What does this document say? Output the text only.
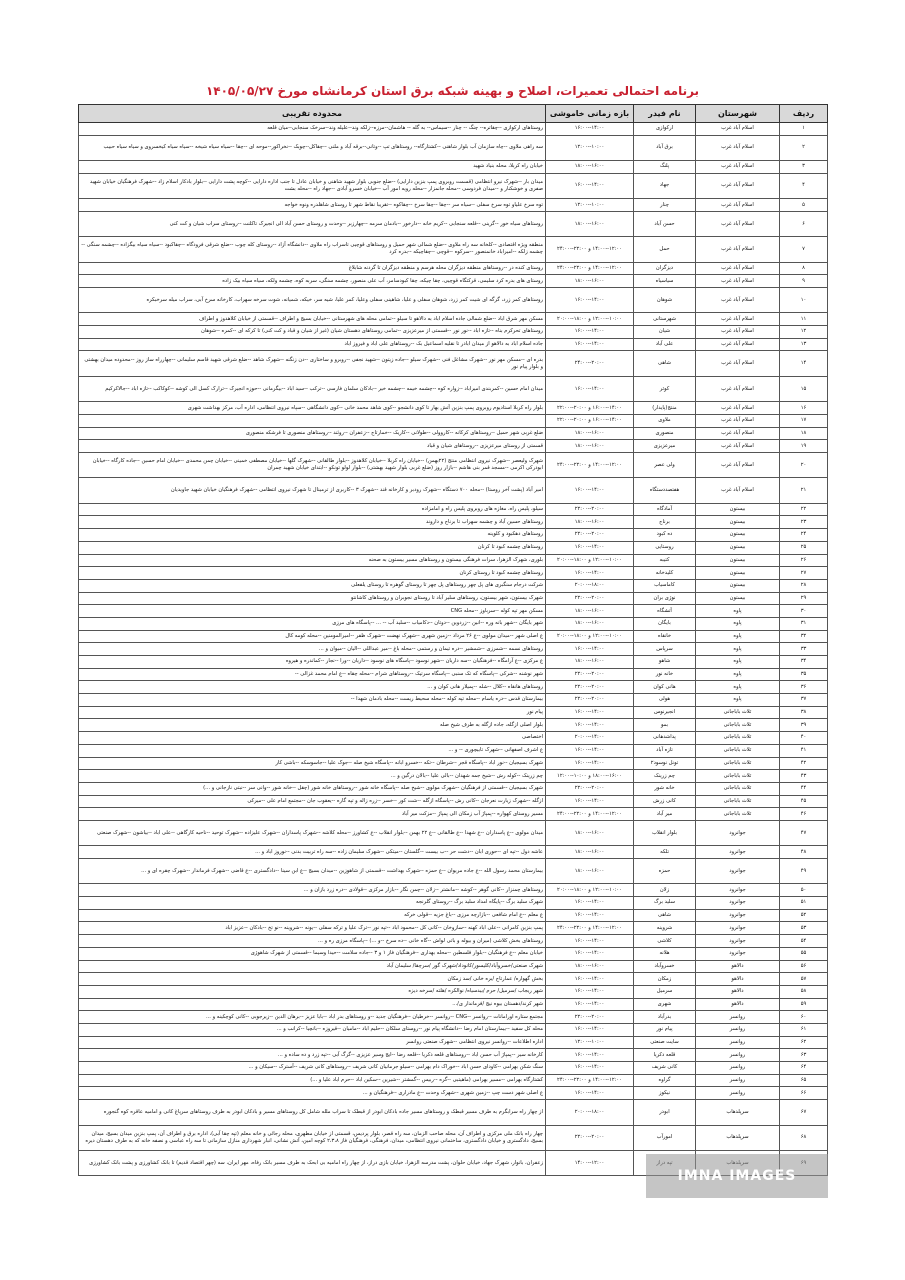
برنامه احتمالی تعمیرات، اصلاح و بهینه شبکه برق استان کرمانشاه مورخ ۱۴۰۵/۰۵/۲۷
ردیف	شهرستان	نام فیدر	بازه زمانی خاموشی	محدوده تقریبی
۱	اسلام آباد غرب	ارکوازی	۱۴:۰۰--۱۶:۰۰	روستاهای ارکوازی --چقاتره-- چنگ -- چنار --سیماس-- به گله -- هاشمان--مرزه--زلکه وند--علیله وند--سرخک سنجابی--میان قلعه
۲	اسلام آباد غرب	برق آباد	۱۰:۰۰--۱۲:۰۰	سه راهی ملاوی --چاه سازمان آب بلوار شاهنی --کشتارگاه-- روستاهای تپ --وتانی--برقه آباد و ملنی --چقاکل--چوبک --نخراکور--موحه ای --چقا --سیاه سیاه شیخه --سیاه سیاه کیخسروی و سیاه سیاه حبیب
۳	اسلام آباد غرب	پلنگ	۱۶:۰۰--۱۸:۰۰	خیابان راه کربلا، محله بنیاد شهید
۴	اسلام آباد غرب	جهاد	۱۴:۰۰--۱۶:۰۰	میدان بار --شهرک نیرو انتظامی (قسمت روبروی پمپ بنزین دارایی) --ضلع جنوبی بلوار شهید شاهنی و خیابان عادل تا جنب اداره دارایی --کوچه پشت دارایی --بلوار بادکار اسلام زاد --شهرک فرهنگیان خیابان شهید صفری و خوشکنار و --میدان فردوسی --محله جانمزار --محله رویه امور آب --خیابان خسرو آبادی --جهاد راه --محله بشت
۵	اسلام آباد غرب	چنار	۱۰:۰۰--۱۲:۰۰	توه سرخ علیاو توه سرخ سفلی --سیاه سر --چقا --چقا سرخ --چقاکوه --تقریبا نقاط شهر تا روستای شاهلدره ونوه خواجه
۶	اسلام آباد غرب	حسن آباد	۱۶:۰۰--۱۸:۰۰	روستاهای سیاه خور --گرینی --قلعه سنجابی --کریم خانه --دارخور --بادمان سرمه --چهارزبر --وحدت و روستای حسن آباد الی انجیرک تاکلنت --روستای سراب شیان و کت کنی
۷	اسلام آباد غرب	حمل	۱۲:۰۰--۱۴:۰۰ و ۲۲:۰۰--۲۴:۰۰	منطقه ویژه اقتصادی --کلخانه سه راه ملاوی --ضلع شمالی شهر حمیل و روستاهای قوچیی تاسراب راه ملاوی --دانشگاه آزاد --روستای کله چوب --ضلع شرقی فرودگاه --چقاکبود --سیاه سیاه بیگزاده --چشمه سنگی --چشمه زلکه --امیراباد خانمنصور --سرکوه --قوچی --چقاچیکه --بدره کرد
۸	اسلام آباد غرب	دیزگران	۱۲:۰۰--۱۴:۰۰ و ۲۲:۰۰--۲۴:۰۰	روستای کنده در --روستاهای منطقه دیزگران محله هرسم و منطقه دیزگران تا گردنه شابلاغ
۹	اسلام آباد غرب	سیاسیاه	۱۶:۰۰--۱۸:۰۰	روستای های بدره کرد سلیمی، قرکتگاه قوچیی، چقا چیکه، چقا کبودسامر، آب علی منصور، چشمه سنگی، سربه کوه، چشمه ولکه، سیاه سیاه بیک زاده
۱۰	اسلام آباد غرب	شوهان	۱۴:۰۰--۱۶:۰۰	روستاهای کمر زرد، گرگه ای شیت کمر زرد، شوهان سفلی و علیا، شاهینی سفلی وعلیا، کمر علیا، شیه سر، خیکه، شمیانه، شوت سرخه سهراب، کارخانه سرخ آبی، سراب میله سرخبکره
۱۱	اسلام آباد غرب	شهرستانی	۱۰:۰۰--۱۲:۰۰ و ۱۸:۰۰--۲۰:۰۰	مسکن مهر شرق اباد --ضلع شمالی جاده اسلام اباد به دالاهو تا سیلو --تمامی محله های شهرستانی --خیابان بسیج و اطراف --قسمتی از خیابان کلاهدوز و اطراف
۱۲	اسلام آباد غرب	شیان	۱۴:۰۰--۱۶:۰۰	روستاهای تحرکرم بناه --تازه اباد --نور نور --قسمتی از میرعزیزی --تمامی روستاهای دهستان شیان (غیر از شیان و قباد و کت کنی) تا کرکه ای --کمره --شوهان
۱۳	اسلام آباد غرب	علی آباد	۱۴:۰۰--۱۶:۰۰	جاده اسلام اباد به دالاهو از میدان اباذر تا نقلیه اسماعیل بک --روستاهای علی اباد و فیروز اباد
۱۴	اسلام آباد غرب	شاهی	۲۰:۰۰--۲۴:۰۰	بدره ای --مسکن مهر نور --شهرک مشاغل فنی --شهرک سیلو --جاده زیتون --شهید نجفی --روبرو و ساختاری --دن زنگنه --شهرک شاهد --ضلع شرقی شهید قاسم سلیمانی --چهارراه ساز روز --محدوده میدان بهشتی و بلوار پیام نور
۱۵	اسلام آباد غرب	کوثر	۱۴:۰۰--۱۶:۰۰	میدان امام حسین --کمربندی امیراباد --زواره کوه --چشمه خیمه --چشمه خیر --بادکان سلمان فارسی --ترکب --سید اباذ --بیگرمانی --حوزه انجیرک --ترارک کسل الی کوشه --کوکاکب --تازه اباد --جالاکرکیم
۱۶	اسلام آباد غرب	منتج(پایدار)	۱۴:۰۰--۱۶:۰۰ و ۲۰:۰۰--۲۲:۰۰	بلوار راه کربلا استادیوم روبروی پمپ بنزین آتش بهار تا کوی دانشجو --کوی شاهد محمد خانی --کوی دانشگاهی --سپاه نیروی انتظامی، اداره آب، مرکز بهداشت شهری
۱۷	اسلام آباد غرب	ملاوی	۱۴:۰۰--۱۶:۰۰ و ۲۰:۰۰--۲۲:۰۰	
۱۸	اسلام آباد غرب	منصوری	۱۶:۰۰--۱۸:۰۰	ضلع غربی شهر حمیل --روستاهای کرکانه --کاروولی --طولانی --کاریک --خمارتاج --زعفران --روئند --روستاهای منصوری تا فرشکه منصوری
۱۹	اسلام آباد غرب	میرعزیزی	۱۶:۰۰--۱۸:۰۰	قسمتی از روستای میرعزیزی --روستاهای شیان و قباد
۲۰	اسلام آباد غرب	ولی عصر	۱۲:۰۰--۱۴:۰۰ و ۲۲:۰۰--۲۴:۰۰	شهرک ولیعصر --شهرک نیروی انتظامی منتج (۲۲بهمن) --خیابان راه کربلا --خیابان کلاهدوز --بلوار طالقانی --شهرک گلها --خیابان مصطفی خمینی --خیابان چمن محمدی --خیابان امام حسین --جاده کارگاه --خیابان ابوذرکی اکرمی --مسجد قمر بنی هاشم --بازار روز (ضلع غربی بلوار شهید بهشتی) --بلوار لولو تونکو --ابتدای خیابان شهید چمران
۲۱	اسلام آباد غرب	هفتصددستگاه	۱۴:۰۰--۱۶:۰۰	امیر آباد (پشت آخر روستا) --محله ۷۰۰ دستگاه --شهرک رودبر و کارخانه قند --شهرک ۳ --کاربری از ترمینال تا شهرک نیروی انتظامی --شهرک فرهنگیان خیابان شهید جاویدیان
۲۲	بیستون	آمادگاه	۲۰:۰۰--۲۲:۰۰	سیلو، پلیس راه، مغازه های روبروی پلیس راه و امامزاده
۲۳	بیستون	برناج	۱۶:۰۰--۱۸:۰۰	روستاهای حسین آباد و چشمه سهراب تا برناج و داروند
۲۴	بیستون	ده کبود	۲۰:۰۰--۲۲:۰۰	روستاهای دهکبود و کلوینه
۲۵	بیستون	روستایی	۱۴:۰۰--۱۶:۰۰	روستاهای چشمه کبود تا کرنان
۲۶	بیستون	کتیبه	۱۰:۰۰--۱۲:۰۰ و ۱۸:۰۰--۲۰:۰۰	بلوری، شهرک الزهرا، سرات فرهنگی بیستون و روستاهای مسیر بیستون به صحنه
۲۷	بیستون	کلیدخانه	۱۴:۰۰--۱۶:۰۰	روستاهای چشمه کبود تا روستای کرنان
۲۸	بیستون	کاماسیاب	۱۸:۰۰--۲۰:۰۰	شرکت درجام سنگبری های پل چهر روستاهای پل چهر تا روستای گوهره تا روستای یلفعلی
۲۹	بیستون	نوژی بران	۲۰:۰۰--۲۲:۰۰	شهرک بیستون، شهر بیستون، روستاهای سلیر آباد تا روستای نجوبران و روستاهای کاشانتو
۳۰	پاوه	آتشگاه	۱۶:۰۰--۱۸:۰۰	مسکن مهر تپه کوله --سرباوز --محله CNG
۳۱	پاوه	بایگان	۱۶:۰۰--۱۸:۰۰	شهر بایگان --شهر بانه وره --انین --زردوین --دوتان --دکامیاب --سلید آب -- ... --پاسگاه های مرزی
۳۲	پاوه	خانقاه	۱۰:۰۰--۱۲:۰۰ و ۱۸:۰۰--۲۰:۰۰	ع اصلی شهر --میدان مولوی --ع ۲۶ مرداد --زمین شهری --شهرک نهضت --شهرک ظفر --امیرالمومنین --محله کومه کال
۳۳	پاوه	سرپاس	۱۴:۰۰--۱۶:۰۰	روستاهای نسمه --شمرزی --شمشیر --دره تیمان و رستمی --محله باغ --میر عبداللی --الیان --میوان و ...
۳۴	پاوه	شاهو	۱۶:۰۰--۱۸:۰۰	ع مرکزی --ع آرامگاه --فرهنگیان --سه داریان --شهر نوسود --پاسگاه های نوسود --داریان --ورا --نجار --کماندره و هیروه
۳۵	پاوه	خانه نور	۲۰:۰۰--۲۲:۰۰	شهر نوشنه --شرکی --پاسگاه که تک سنبی --پاسگاه سرتیک --روستاهای شرام --محله چقاه --ع امام محمد غزالی --
۳۶	پاوه	هانی کوان	۲۰:۰۰--۲۲:۰۰	روستاهای هانقاه --کلال --شله --پمیلار هانی کوان و ...
۳۷	پاوه	هولی	۲۰:۰۰--۲۲:۰۰	بیمارستان قدس --دره یاسام --محله تپه کوله --محله سحیط ریست --محله بادمان شهدا --
۳۸	ثلاث باباجانی	انجیرنوس	۱۴:۰۰--۱۶:۰۰	پیام نور
۳۹	ثلاث باباجانی	بمو	۱۴:۰۰--۱۶:۰۰	بلوار اصلی ازگله، جاده ازگله به طرف شیخ صله
۴۰	ثلاث باباجانی	پداشدهانی	۱۴:۰۰--۲۰:۰۰	اختصاصی
۴۱	ثلاث باباجانی	تازه آباد	۱۴:۰۰--۱۶:۰۰	ع اشرف اصفهانی --شهرک تابیچوری -- و ...
۴۲	ثلاث باباجانی	تونل نوسود۲	۱۴:۰۰--۱۶:۰۰	شهرک بسیجیان --نور اباد --پاسگاه قجر --شرطان --تکه --خسرو ابانه --پاسگاه شیخ صله --جوک علیا --جاسوسکه --باشی کار
۴۳	ثلاث باباجانی	چم زرینک	۱۶:۰۰--۱۸:۰۰ و ۱۰:۰۰--۱۲:۰۰	چم زرینک --کوله رش --شیخ جمه شهدان --بالی علیا --بالان درگین و ...
۴۴	ثلاث باباجانی	خانه شور	۲۰:۰۰--۲۲:۰۰	شهرک بسیجیان --قسمتی از فرهنگیان --شهرک مولوی --شیخ صله --پاسگاه خانه شور --روستاهای خانه شور (چقل --خانه شور --وانی سر --نبتی نازجانی و ...)
۴۵	ثلاث باباجانی	کانی زرش	۱۴:۰۰--۱۶:۰۰	ازگله --شهرک زیارت نعرجان --کانی رش --پاسگاه ازگله --شت کور --خسر --زره زاله و تپه گاره --یعقوب جان --مجتمع امام علی --میرکی
۴۶	ثلاث باباجانی	میر آباد	۱۲:۰۰--۱۴:۰۰ و ۲۲:۰۰--۲۴:۰۰	مسیر روستای کهواره --پمپاژ آب زمکان الی پمپاژ --مزکت میر آباد
۴۷	جوانرود	بلوار انقلاب	۱۶:۰۰--۱۸:۰۰	میدان مولوی --ع پاسداران --ع شهدا --ع طالقانی --ع ۲۲ بهمن --بلوار انقلاب --ع کشاورز --محله کلاشه --شهرک پاسداران --شهرک علیزاده --شهرک توحید --ناحیه کارگاهی --علی اباد --بیاشون --شهرک صنعتی
۴۸	جوانرود	تلکه	۱۶:۰۰--۱۸:۰۰	عاشه دول --تپه ای --حوری ابان --دشت حر --ب بیست --گلستان --میتکی --شهرک سلیمان زاده --سه راه تربیت بدنی --نوروز اباد و ...
۴۹	جوانرود	حمزه	۱۶:۰۰--۱۸:۰۰	بیمارستان محمد رسول الله --ع جاده مریوان --ع حمزه --شهرک بهداشت --قسمتی از شاهوزین --میدان بسیج --ع ابن سینا --دادگستری --ع قاضی --شهرک فرماندار --شهرک چقره ای و ...
۵۰	جوانرود	زلان	۱۰:۰۰--۱۲:۰۰ و ۱۸:۰۰--۲۰:۰۰	روستاهای چمنزار --کانی گوهر --کوشه --مانشتر --زلان --چمن نگار --بازار مرکزی --قولادی --دره زرد بازان و ...
۵۱	جوانرود	سلید برگ	۱۴:۰۰--۱۶:۰۰	شهرک سلید برگ --پایگاه امداد سلید برگ --روستای گلرنجه
۵۲	جوانرود	شاهی	۱۴:۰۰--۱۶:۰۰	ع معلم --ع امام شافعی --بازارچه مرزی --باغ جزیه --قولی خرکه
۵۳	جوانرود	شروینه	۱۲:۰۰--۱۴:۰۰ و ۲۲:۰۰--۲۴:۰۰	پمپ بنزین کامرانی --علی اباد کهنه --سازوخان --کانی کل --محمود اباد --تپه نور --ترک علیا و ترکه سفلی --یونه --شروینه --نو تخ --بادکان --عزیز اباد
۵۴	جوانرود	کلاشی	۱۴:۰۰--۱۶:۰۰	روستاهای بخش کلاشی (میران و بیوله و باتی لواش --گاه خانی --ده سرخ --و ...) --پاسگاه مرزی ره و ...
۵۵	جوانرود	هلانه	۱۴:۰۰--۱۶:۰۰	خیابان معلم --ع فرهنگیان --بلوار فلسطین --محله بهداری --فرهنگیان فاز ۱ و ۳ --جاده سلامت --حیدا وسیما --قسمتی از شهرک شاهوژی
۵۶	دالاهو	خسروآباد	۱۶:۰۰--۱۸:۰۰	شهرک صنعتی/خسروآباد/کلیسور/کانوداد/شهرک گور /سرچقا/ سلیمان آباد
۵۷	دالاهو	زمکان	۱۴:۰۰--۱۶:۰۰	بخش گهواره/ عمارتاج /بره خانی /سد زمکان
۵۸	دالاهو	سرمیل	۱۴:۰۰--۱۶:۰۰	شهر ریجاب /سرمیل/ حرم /بیدسیاه/ نوالکره /هلته /سرخه دیزه
۵۹	دالاهو	شهری	۱۴:۰۰--۱۶:۰۰	شهر کرند/دهستان بیوه نیج /فرماندار ی/...
۶۰	روانسر	بدرآباد	۲۰:۰۰--۲۲:۰۰	مجتمع ستاره اورامانات --روانسر --CNG --روانسر --خرطیان --فرهنگیان جدید --و روستاهای بدر اباد --بابا عزیز --برهان الدین --زیرجوبی --کانی کوچکینه و ...
۶۱	روانسر	پیام نور	۱۴:۰۰--۱۶:۰۰	محله کل سفید --بیمارستان امام رضا --دانشگاه پیام نور --روستای سلکان --حلیم اباد --مامیان --قیروزه --بانچیا --کرانب و ...
۶۲	روانسر	سایت صنعتی	۱۰:۰۰--۱۲:۰۰	اداره اطلاعات --روانسر نیروی انتظامی --شهرک صنعتی روانسر
۶۳	روانسر	قلعه ذکریا	۱۴:۰۰--۱۶:۰۰	کارخانه سیر --پمپاژ آب حسن اباد --روستاهای قلعه ذکریا --قلعه رضا --ایج وسیر عزیزی --گرگ آبی --تپه زرد و ده ساده و ...
۶۴	روانسر	کانی شریف	۱۴:۰۰--۱۶:۰۰	سنگ شکن بهرامی --کاودای حسن اباد --خوراک دام بهرامی --سیلو جرمانیان کانی شریف --روستاهای کانی شریف --آسترک --سیکان و ...
۶۵	روانسر	گراوه	۱۲:۰۰--۱۴:۰۰ و ۲۲:۰۰--۲۴:۰۰	کشتارگاه بهرامی --مسیر بهرامی (ماهیتبی --گره --ربیس --گمشتر --شیرین --سکین اباد --حرم اباد علیا و ...)
۶۶	روانسر	نیکوز	۱۴:۰۰--۱۶:۰۰	ع اصلی شهر دست چپ --زمین شهری --شهرک وحدت --ع مادراری --فرهنگیان و ...
۶۷	سرپلذهاب	ابوذر	۱۸:۰۰--۲۰:۰۰	از چهار راه سرابگرم به طرف مسیر قبطک و روستاهای مسیر جاده بادکان ابوذر از قبطک تا سراب ملله شامل کل روستاهای مسیر و بادکان ابوذر به طرف روستاهای سرپاغ کانی و امامیه عاقره کوه گنجوره
۶۸	سرپلذهاب	امورآب	۲۰:۰۰--۲۲:۰۰	چهار راه بانک ملی مرکزی و اطراف آن، محله صاحب الزمان، سه راه قصر، بلوار پردیس، قسمتی از خیابان مطهری، محله رجائی و خانه معلم (تپه چقا آبی)، اداره برق و اطراف آن، پمپ بنزین میدان بسیج، میدان بسیج، دادگستری و خیابان دادگستری، ساختمانی نیروی انتظامی، میدان، فرهنگی، فرهنگیان فاز ۲،۳،۸ کوچه امین، آتش نشانی، انبار شهرداری منازل سازمانی تا سه راه عباسی و نصفه خانه که به طرف دهستان دیره
			۱۲:۰۰--۱۴:۰۰	زعفران، بانوار، شهرک جهاد، خیابان حلوان، پشت مدرسه الزهرا، خیابان بازی دراز، از چهار راه امامیه بی ابحک به طرف مسیر بانک رفاه، مهر ایران، سه (چهر اقتصاد قدیم) تا بانک کشاورزی و پشت بانک کشاورزی
IMNA IMAGES
